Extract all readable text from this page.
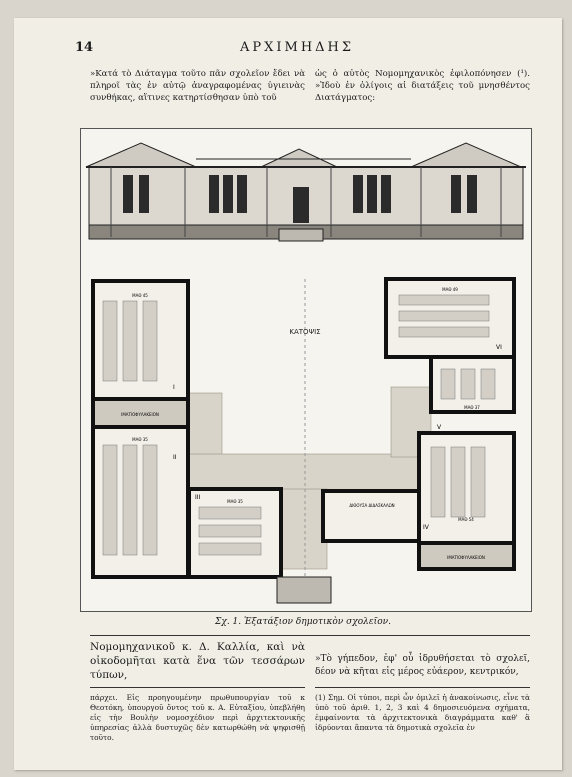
14	ΑΡΧΙΜΗΔΗΣ
»Κατά τὸ Διάταγμα τοῦτο πᾶν σχολεῖον ἔδει νὰ πληροῖ τὰς ἐν αὐτῷ ἀναγραφομένας ὑγιεινὰς συνθήκας, αἵτινες κατηρτίσθησαν ὑπὸ τοῦ
ὡς ὁ αὐτὸς Νομομηχανικὸς ἐφιλοπόνησεν (¹). »Ἰδοὺ ἐν ὀλίγοις αἱ διατάξεις τοῦ μνησθέντος Διατάγματος:
ΚΑΤΟΨΙΣ
ΜΑΘ 45
ΜΑΘ 35
ΜΑΘ 35
ΜΑΘ 49
ΜΑΘ 37
ΜΑΘ 54
ΙΜΑΤΙΟΦΥΛΑΚΕΙΟΝ
ΙΜΑΤΙΟΦΥΛΑΚΕΙΟΝ
ΔΙΘΟΥΣΑ ΔΙΔΑΣΚΑΛΩΝ
I
II
III
IV
V
VI
Σχ. 1. Ἑξατάξιον δημοτικὸν σχολεῖον.
Νομομηχανικοῦ κ. Δ. Καλλία, καὶ νὰ οἰκοδομῆται κατὰ ἕνα τῶν τεσσάρων τύπων,
»Τὸ γήπεδον, ἐφ' οὗ ἱδρυθήσεται τὸ σχολεῖ, δέον νὰ κῆται εἰς μέρος εὐάερον, κεντρικόν,
πάρχει. Εἰς προηγουμένην πρωθυπουργίαν τοῦ κ Θεοτόκη, ὑπουργοῦ ὄντος τοῦ κ. Α. Εὐταξίου, ὑπεβλήθη εἰς τὴν Βουλὴν νομοσχέδιον περὶ ἀρχιτεκτονικῆς ὑπηρεσίας ἀλλὰ δυστυχῶς δὲν κατωρθώθη νὰ ψηφισθῇ τοῦτο.
(1) Σημ. Οἱ τύποι, περὶ ὧν ὁμιλεῖ ἡ ἀνακοίνωσις, εἶνε τὰ ὑπὸ τοῦ ἀριθ. 1, 2, 3 καὶ 4 δημοσιευόμενα σχήματα, ἐμφαίνοντα τὰ ἀρχιτεκτονικὰ διαγράμματα καθ' ἃ ἱδρύονται ἅπαντα τὰ δημοτικὰ σχολεῖα ἐν
